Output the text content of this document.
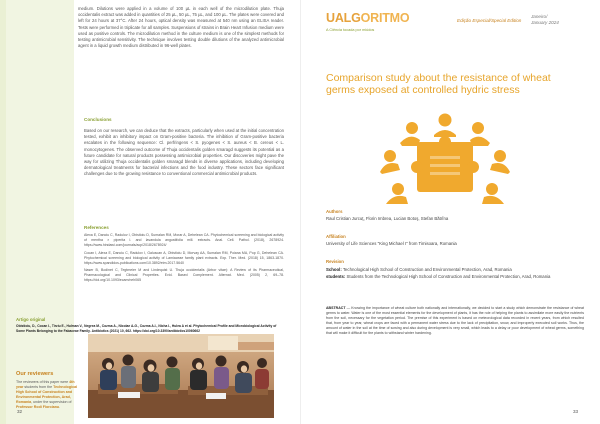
medium. Dilutions were applied in a volume of 100 µL in each well of the microdilution plate. Thuja occidentalis extract was added in quantities of 25 µL, 50 µL, 75 µL, and 100 µL. The plates were covered and left for 24 hours at 37°C. After 24 hours, optical density was measured at 540 nm using an ELISA reader. Tests were performed in triplicate for all samples. Suspensions of strains in Brain Heart Infusion medium were used as positive controls. The microdilution method in the culture medium is one of the simplest methods for testing antimicrobial sensitivity. The technique involves testing double dilutions of the analyzed antimicrobial agent in a liquid growth medium distributed in 96-well plates.

Conclusions

Based on our research, we can deduce that the extracts, particularly when used at the initial concentration tested, exhibit an inhibitory impact on Gram-positive bacteria. The inhibition of Gram-positive bacteria escalates in the following sequence: Cl. perfringens < S. pyogenes < S. aureus < B. cereus < L. monocytogenes. The observed outcome of Thuja occidentalis golden smaragd suggests its potential as a future candidate for natural products possessing antimicrobial properties. Our discoveries might pave the way for utilizing Thuja occidentalis golden smaragd blends in diverse applications, including developing dermatological treatments for bacterial infections and the food industry. These sectors face significant challenges due to the growing resistance to conventional commercial antimicrobial products.

References

Alexa E, Danciu C, Radulov I, Obistioiu D, Sumalan RM, Morar A, Dehelean CA. Phytochemical screening and biological activity of mentha × piperita l. and lavandula angustifolia mill. extracts. Anal. Cell. Pathol. (2018), 2678924. https://www.hindawi.com/journals/acp/2018/2678924/

Cocan I, Alexa E, Danciu C, Radulov I, Galuscan A, Obistioiu D, Morvay AA, Sumalan RM, Poiana MA, Pop G, Dehelean CA. Phytochemical screening and biological activity of Lamiaceae family plant extracts. Exp. Ther. Med. (2018) 15, 1863-1870. https://www.spandidos-publications.com/10.3892/etm.2017.5640

Naser B, Bodinet C, Tegtmeier M and Lindequist U. Thuja occidentalis (Arbor vitae): A Review of its Pharmaceutical, Pharmacological and Clinical Properties. Evid. Based Complement. Alternat. Med. (2005) 2, 69–78. https://doi.org/10.1093/ecam/neh065

Artigo original

Obistioiu, D., Cocan I., Tirziu E., Hulman V., Negrea M., Cozma A., Nicolae A-G., Cozma A.I., Nicha I., Hulea A et al. Phytochemical Profile and Microbiological Activity of Some Plants Belonging to the Fabaceae Family. Antibiotics (2021) 10, 662. https://doi.org/10.3390/antibiotics10060662

Our reviewers

The reviewers of this paper were 4th year students from the Technological High School of Construction and Environmental Protection, Arad, Romania, under the supervision of Professor Rodi Floroianu.

32
UALGORITMO
A Ciência tocada por miúdos
Edição Especial/Special Edition
Janeiro/
January 2024
Comparison study about the resistance of wheat germs exposed at controlled hydric stress
Authors
Raul Cristian Jurcuţ, Florin Imbrea, Lucian Botoş, Stefan Bătrîna
Affiliation
University of Life Sciences "King Michael I" from Timisoara, Romania
Revision
School: Technological High School of Construction and Environmental Protection, Arad, Romania
students: Students from the Technological High School of Construction and Environmental Protection, Arad, Romania

ABSTRACT — Knowing the importance of wheat culture both nationally and internationally, we decided to start a study which demonstrate the resistance of wheat germs to water. Water is one of the most essential elements for the development of plants, it has the role of helping the plants to assimilate more easily the nutrients from the soil, necessary for the vegetation period. The premise of this experiment is based on meteorological data recorded in recent years, from which resulted that, from year to year, wheat crops are faced with a permanent water stress due to the lack of precipitation, snow, and improperly executed soil works. Thus, the amount of water in the soil at the time of sowing and also during development is very small, which leads to a delay or poor development of wheat germs, something that will make it difficult for the plants to withstand winter hardening.

33
